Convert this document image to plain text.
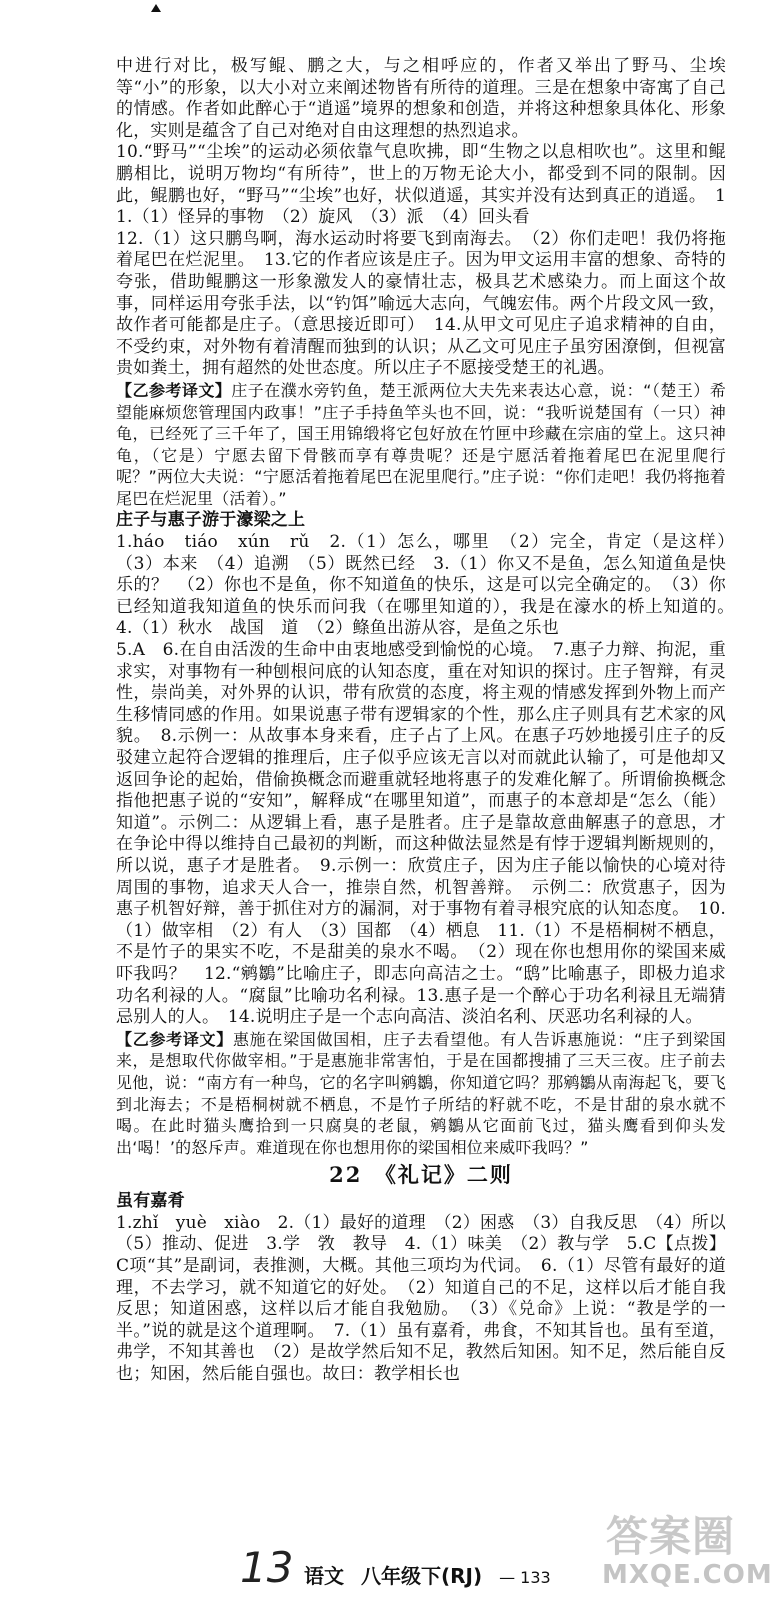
中进行对比，极写鲲、鹏之大，与之相呼应的，作者又举出了野马、尘埃等“小”的形象，以大小对立来阐述物皆有所待的道理。三是在想象中寄寓了自己的情感。作者如此醉心于“逍遥”境界的想象和创造，并将这种想象具体化、形象化，实则是蕴含了自己对绝对自由这理想的热烈追求。

10.“野马”“尘埃”的运动必须依靠气息吹拂，即“生物之以息相吹也”。这里和鲲鹏相比，说明万物均“有所待”，世上的万物无论大小，都受到不同的限制。因此，鲲鹏也好，“野马”“尘埃”也好，状似逍遥，其实并没有达到真正的逍遥。　11.（1）怪异的事物　（2）旋风　（3）派　（4）回头看

12.（1）这只鹏鸟啊，海水运动时将要飞到南海去。　（2）你们走吧！我仍将拖着尾巴在烂泥里。　13.它的作者应该是庄子。因为甲文运用丰富的想象、奇特的夸张，借助鲲鹏这一形象激发人的豪情壮志，极具艺术感染力。而上面这个故事，同样运用夸张手法，以“钓饵”喻远大志向，气魄宏伟。两个片段文风一致，故作者可能都是庄子。（意思接近即可）　14.从甲文可见庄子追求精神的自由，不受约束，对外物有着清醒而独到的认识；从乙文可见庄子虽穷困潦倒，但视富贵如粪土，拥有超然的处世态度。所以庄子不愿接受楚王的礼遇。

【乙参考译文】庄子在濮水旁钓鱼，楚王派两位大夫先来表达心意，说：“（楚王）希望能麻烦您管理国内政事！”庄子手持鱼竿头也不回，说：“我听说楚国有（一只）神龟，已经死了三千年了，国王用锦缎将它包好放在竹匣中珍藏在宗庙的堂上。这只神龟，（它是）宁愿去留下骨骸而享有尊贵呢？还是宁愿活着拖着尾巴在泥里爬行呢？”两位大夫说：“宁愿活着拖着尾巴在泥里爬行。”庄子说：“你们走吧！我仍将拖着尾巴在烂泥里（活着）。”

庄子与惠子游于濠梁之上

1.háo　tiáo　xún　rǔ　2.（1）怎么，哪里　（2）完全，肯定（是这样）　（3）本来　（4）追溯　（5）既然已经　3.（1）你又不是鱼，怎么知道鱼是快乐的？　（2）你也不是鱼，你不知道鱼的快乐，这是可以完全确定的。　（3）你已经知道我知道鱼的快乐而问我（在哪里知道的），我是在濠水的桥上知道的。　4.（1）秋水　战国　道　（2）鲦鱼出游从容，是鱼之乐也

5.A　6.在自由活泼的生命中由衷地感受到愉悦的心境。　7.惠子力辩、拘泥，重求实，对事物有一种刨根问底的认知态度，重在对知识的探讨。庄子智辩，有灵性，崇尚美，对外界的认识，带有欣赏的态度，将主观的情感发挥到外物上而产生移情同感的作用。如果说惠子带有逻辑家的个性，那么庄子则具有艺术家的风貌。　8.示例一：从故事本身来看，庄子占了上风。在惠子巧妙地援引庄子的反驳建立起符合逻辑的推理后，庄子似乎应该无言以对而就此认输了，可是他却又返回争论的起始，借偷换概念而避重就轻地将惠子的发难化解了。所谓偷换概念指他把惠子说的“安知”，解释成“在哪里知道”，而惠子的本意却是“怎么（能）知道”。示例二：从逻辑上看，惠子是胜者。庄子是靠故意曲解惠子的意思，才在争论中得以维持自己最初的判断，而这种做法显然是有悖于逻辑判断规则的，所以说，惠子才是胜者。　9.示例一：欣赏庄子，因为庄子能以愉快的心境对待周围的事物，追求天人合一，推崇自然，机智善辩。　示例二：欣赏惠子，因为惠子机智好辩，善于抓住对方的漏洞，对于事物有着寻根究底的认知态度。　10.（1）做宰相　（2）有人　（3）国都　（4）栖息　11.（1）不是梧桐树不栖息，不是竹子的果实不吃，不是甜美的泉水不喝。　（2）现在你也想用你的梁国来威吓我吗？　12.“鹓鶵”比喻庄子，即志向高洁之士。“鸱”比喻惠子，即极力追求功名利禄的人。“腐鼠”比喻功名利禄。13.惠子是一个醉心于功名利禄且无端猜忌别人的人。　14.说明庄子是一个志向高洁、淡泊名利、厌恶功名利禄的人。

【乙参考译文】惠施在梁国做国相，庄子去看望他。有人告诉惠施说：“庄子到梁国来，是想取代你做宰相。”于是惠施非常害怕，于是在国都搜捕了三天三夜。庄子前去见他，说：“南方有一种鸟，它的名字叫鹓鶵，你知道它吗？那鹓鶵从南海起飞，要飞到北海去；不是梧桐树就不栖息，不是竹子所结的籽就不吃，不是甘甜的泉水就不喝。在此时猫头鹰拾到一只腐臭的老鼠，鹓鶵从它面前飞过，猫头鹰看到仰头发出‘喝！’的怒斥声。难道现在你也想用你的梁国相位来威吓我吗？”

22　《礼记》二则

虽有嘉肴

1.zhǐ　yuè　xiào　2.（1）最好的道理　（2）困惑　（3）自我反思　（4）所以　（5）推动、促进　3.学　敩　教导　4.（1）味美　（2）教与学　5.C【点拨】C项“其”是副词，表推测，大概。其他三项均为代词。　6.（1）尽管有最好的道理，不去学习，就不知道它的好处。　（2）知道自己的不足，这样以后才能自我反思；知道困惑，这样以后才能自我勉励。　（3）《兑命》上说：“教是学的一半。”说的就是这个道理啊。　7.（1）虽有嘉肴，弗食，不知其旨也。虽有至道，弗学，不知其善也　（2）是故学然后知不足，教然后知困。知不足，然后能自反也；知困，然后能自强也。故曰：教学相长也

13 语文 八年级下(RJ) — 133
答案圈
MXQE.COM
